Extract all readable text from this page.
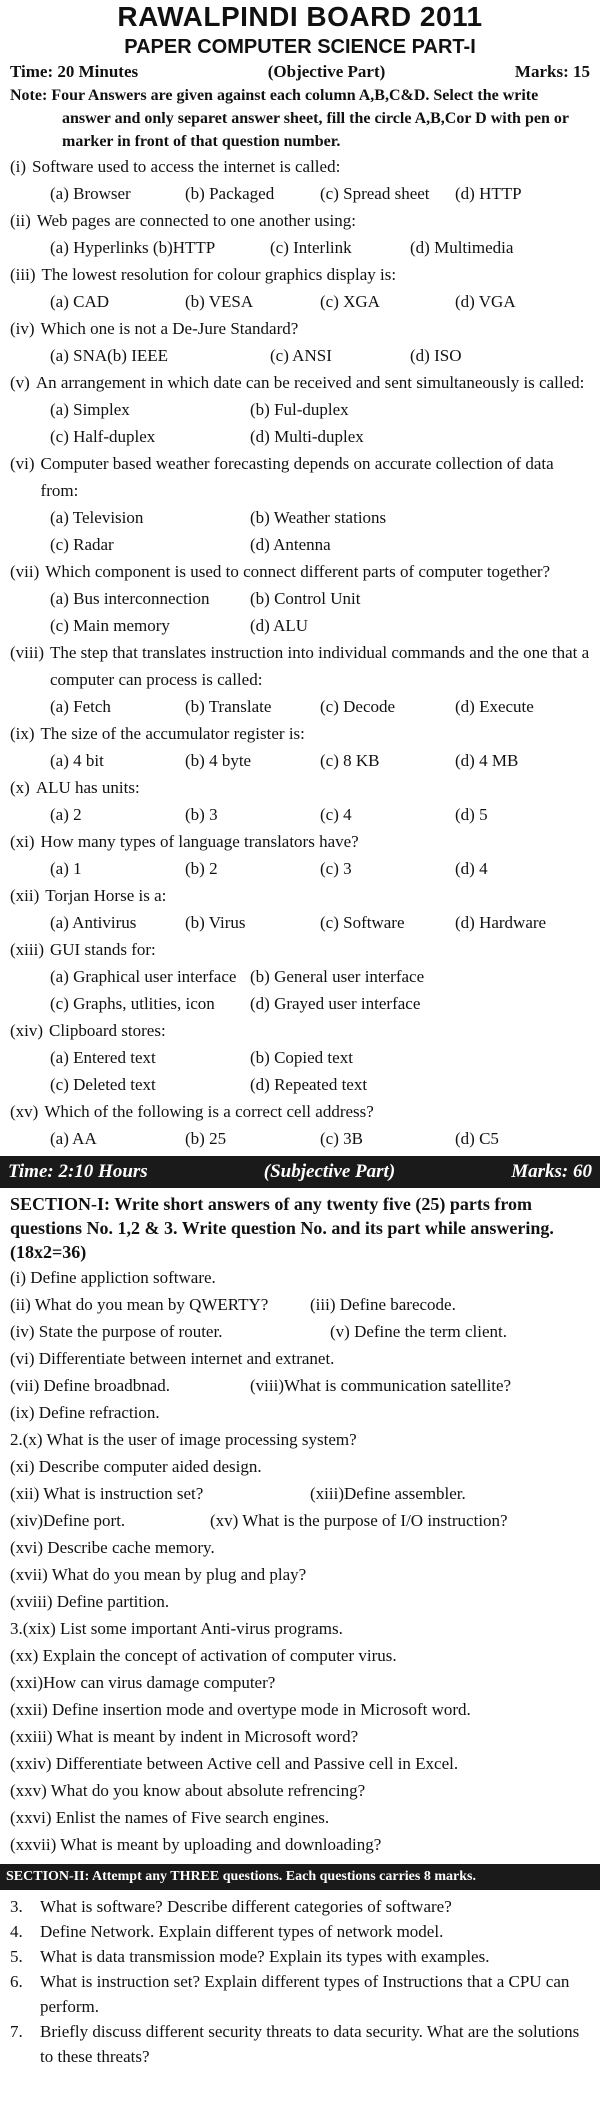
RAWALPINDI BOARD 2011
PAPER COMPUTER SCIENCE PART-I
Time: 20 Minutes	(Objective Part)	Marks: 15
Note: Four Answers are given against each column A,B,C&D. Select the write answer and only separet answer sheet, fill the circle A,B,Cor D with pen or marker in front of that question number.
(i) Software used to access the internet is called:
(a) Browser	(b) Packaged	(c) Spread sheet	(d) HTTP
(ii) Web pages are connected to one another using:
(a) Hyperlinks (b)HTTP	(c) Interlink	(d) Multimedia
(iii) The lowest resolution for colour graphics display is:
(a) CAD	(b) VESA	(c) XGA	(d) VGA
(iv) Which one is not a De-Jure Standard?
(a) SNA(b) IEEE	(c) ANSI	(d) ISO
(v) An arrangement in which date can be received and sent simultaneously is called:
(a) Simplex	(b) Ful-duplex
(c) Half-duplex	(d) Multi-duplex
(vi) Computer based weather forecasting depends on accurate collection of data from:
(a) Television	(b) Weather stations
(c) Radar	(d) Antenna
(vii) Which component is used to connect different parts of computer together?
(a) Bus interconnection	(b) Control Unit
(c) Main memory	(d) ALU
(viii) The step that translates instruction into individual commands and the one that a computer can process is called:
(a) Fetch	(b) Translate	(c) Decode	(d) Execute
(ix) The size of the accumulator register is:
(a) 4 bit	(b) 4 byte	(c) 8 KB	(d) 4 MB
(x) ALU has units:
(a) 2	(b) 3	(c) 4	(d) 5
(xi) How many types of language translators have?
(a) 1	(b) 2	(c) 3	(d) 4
(xii) Torjan Horse is a:
(a) Antivirus	(b) Virus	(c) Software	(d) Hardware
(xiii) GUI stands for:
(a) Graphical user interface (b) General user interface
(c) Graphs, utlities, icon	(d) Grayed user interface
(xiv) Clipboard stores:
(a) Entered text	(b) Copied text
(c) Deleted text	(d) Repeated text
(xv) Which of the following is a correct cell address?
(a) AA	(b) 25	(c) 3B	(d) C5
Time: 2:10 Hours	(Subjective Part)	Marks: 60
SECTION-I: Write short answers of any twenty five (25) parts from questions No. 1,2 & 3. Write question No. and its part while answering. (18x2=36)
(i) Define appliction software.
(ii) What do you mean by QWERTY?	(iii) Define barecode.
(iv) State the purpose of router.	(v) Define the term client.
(vi) Differentiate between internet and extranet.
(vii) Define broadbnad.	(viii)What is communication satellite?
(ix) Define refraction.
2.(x) What is the user of image processing system?
(xi) Describe computer aided design.
(xii) What is instruction set?	(xiii)Define assembler.
(xiv)Define port.	(xv) What is the purpose of I/O instruction?
(xvi) Describe cache memory.
(xvii) What do you mean by plug and play?
(xviii) Define partition.
3.(xix) List some important Anti-virus programs.
(xx) Explain the concept of activation of computer virus.
(xxi)How can virus damage computer?
(xxii) Define insertion mode and overtype mode in Microsoft word.
(xxiii) What is meant by indent in Microsoft word?
(xxiv) Differentiate between Active cell and Passive cell in Excel.
(xxv) What do you know about absolute refrencing?
(xxvi) Enlist the names of Five search engines.
(xxvii) What is meant by uploading and downloading?
SECTION-II: Attempt any THREE questions. Each questions carries 8 marks.
3.	What is software? Describe different categories of software?
4.	Define Network. Explain different types of network model.
5.	What is data transmission mode? Explain its types with examples.
6.	What is instruction set? Explain different types of Instructions that a CPU can perform.
7.	Briefly discuss different security threats to data security. What are the solutions to these threats?
